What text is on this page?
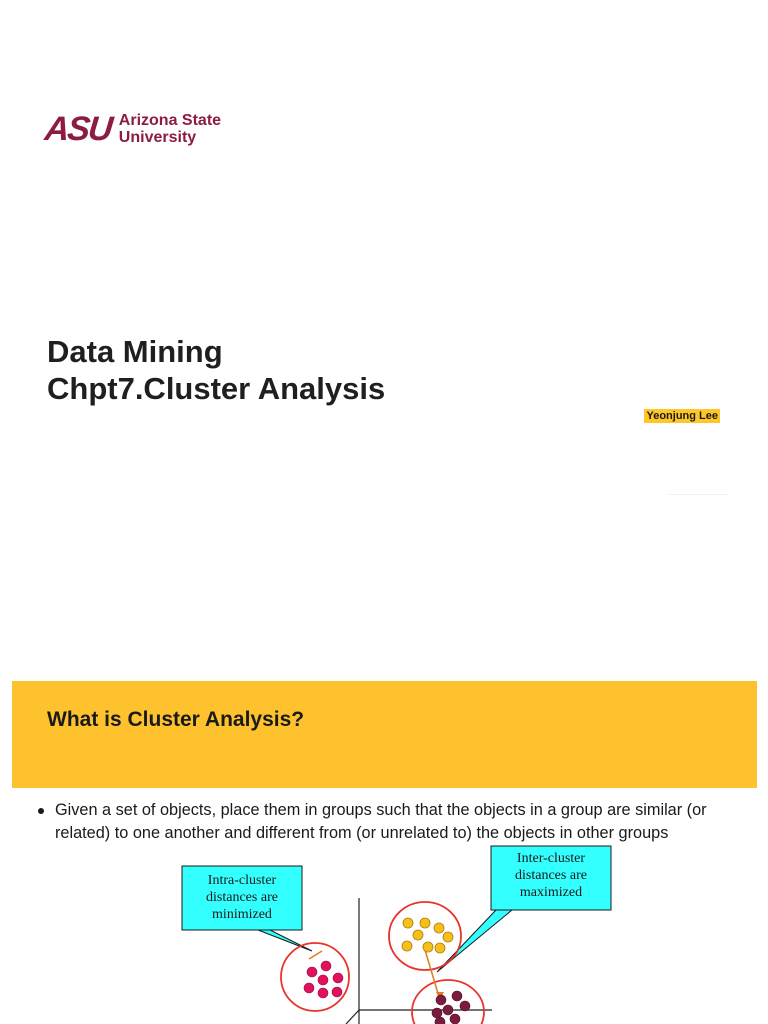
ASU Arizona State
University
Data Mining
Chpt7.Cluster Analysis
Yeonjung Lee
What is Cluster Analysis?
Given a set of objects, place them in groups such that the objects in a group are similar (or related) to one another and different from (or unrelated to) the objects in other groups
Intra-cluster
distances are
minimized
Inter-cluster
distances are
maximized
